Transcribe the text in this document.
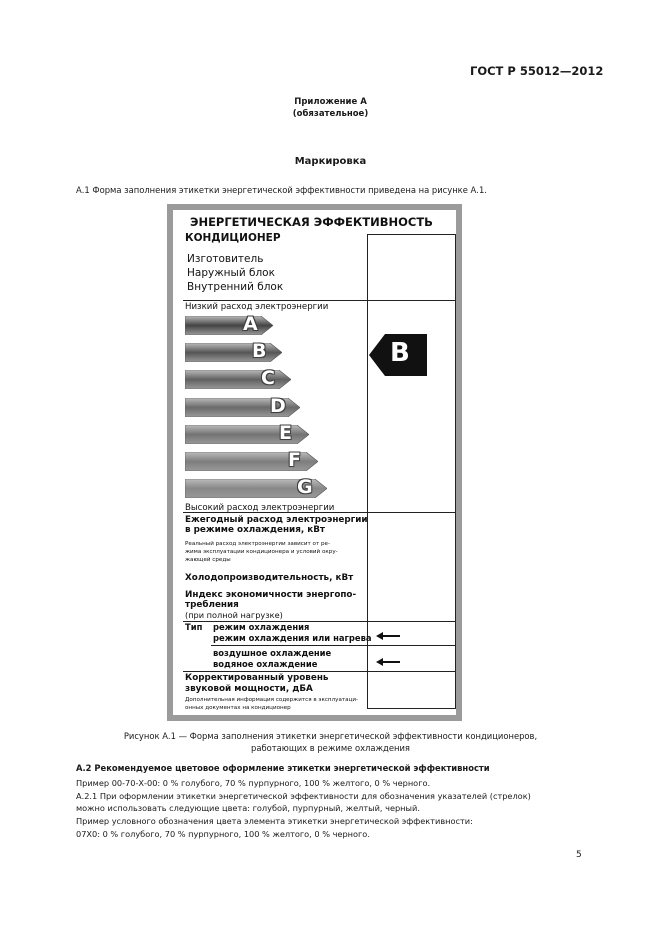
ГОСТ Р 55012—2012
Приложение А
(обязательное)
Маркировка
А.1 Форма заполнения этикетки энергетической эффективности приведена на рисунке А.1.
ЭНЕРГЕТИЧЕСКАЯ ЭФФЕКТИВНОСТЬ
КОНДИЦИОНЕР
Изготовитель
Наружный блок
Внутренний блок
Низкий расход электроэнергии
A
B
C
D
E
F
G
Высокий расход электроэнергии
B
Ежегодный расход электроэнергии
в режиме охлаждения, кВт
Реальный расход электроэнергии зависит от ре-
жима эксплуатации кондиционера и условий окру-
жающей среды
Холодопроизводительность, кВт
Индекс экономичности энергопо-
требления
(при полной нагрузке)
Тип режим охлаждения
режим охлаждения или нагрева
воздушное охлаждение
водяное охлаждение
Корректированный уровень
звуковой мощности, дБА
Дополнительная информация содержится в эксплуатаци-
онных документах на кондиционер
Рисунок А.1 — Форма заполнения этикетки энергетической эффективности кондиционеров,
работающих в режиме охлаждения
А.2 Рекомендуемое цветовое оформление этикетки энергетической эффективности
Пример 00-70-Х-00: 0 % голубого, 70 % пурпурного, 100 % желтого, 0 % черного.
А.2.1 При оформлении этикетки энергетической эффективности для обозначения указателей (стрелок)
можно использовать следующие цвета: голубой, пурпурный, желтый, черный.
Пример условного обозначения цвета элемента этикетки энергетической эффективности:
07Х0: 0 % голубого, 70 % пурпурного, 100 % желтого, 0 % черного.
5
